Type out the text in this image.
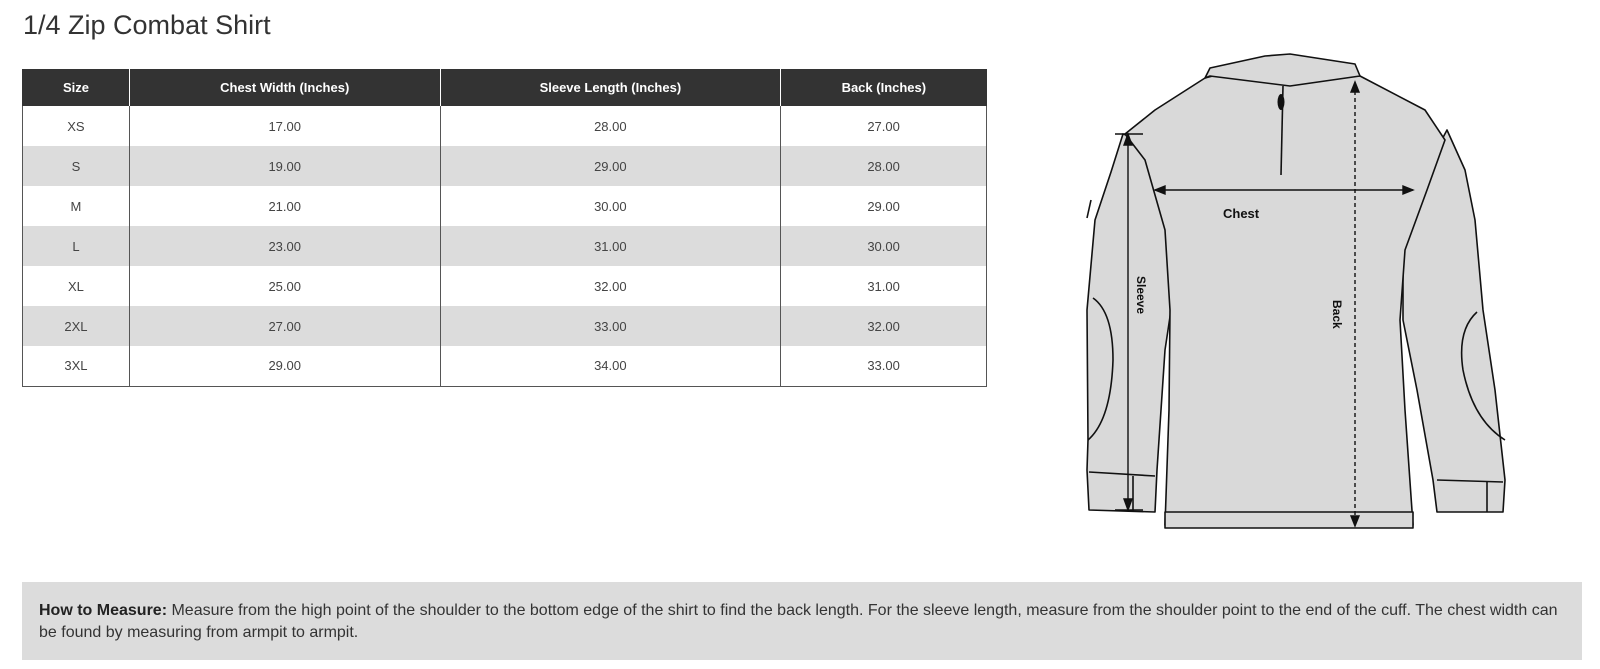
1/4 Zip Combat Shirt
Size	Chest Width (Inches)	Sleeve Length (Inches)	Back (Inches)
XS	17.00	28.00	27.00
S	19.00	29.00	28.00
M	21.00	30.00	29.00
L	23.00	31.00	30.00
XL	25.00	32.00	31.00
2XL	27.00	33.00	32.00
3XL	29.00	34.00	33.00
Chest
Sleeve
Back
How to Measure: Measure from the high point of the shoulder to the bottom edge of the shirt to find the back length. For the sleeve length, measure from the shoulder point to the end of the cuff. The chest width can be found by measuring from armpit to armpit.
